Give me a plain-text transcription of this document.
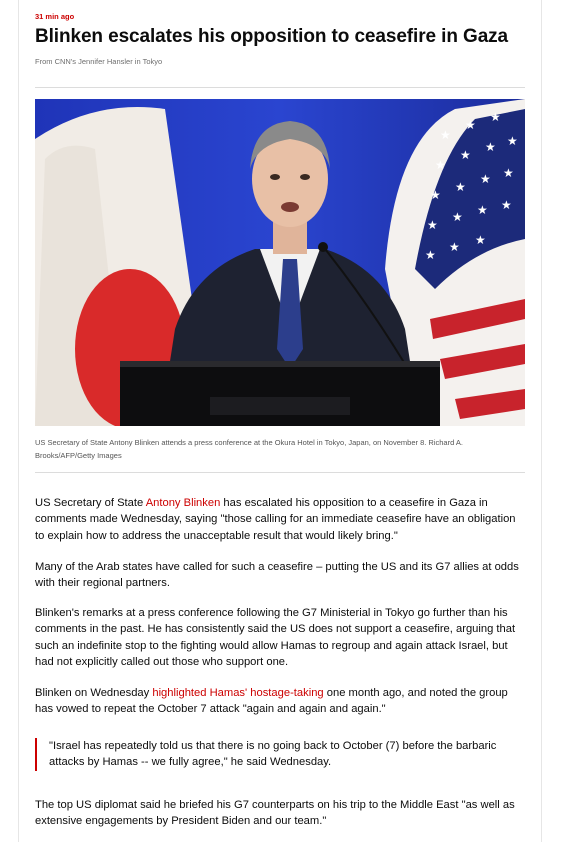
31 min ago
Blinken escalates his opposition to ceasefire in Gaza
From CNN's Jennifer Hansler in Tokyo
★
★
★
★
★
★ ★
★
★
★ ★
★
★ ★ ★
★
★ ★
US Secretary of State Antony Blinken attends a press conference at the Okura Hotel in Tokyo, Japan, on November 8. Richard A. Brooks/AFP/Getty Images

US Secretary of State Antony Blinken has escalated his opposition to a ceasefire in Gaza in comments made Wednesday, saying "those calling for an immediate ceasefire have an obligation to explain how to address the unacceptable result that would likely bring."

Many of the Arab states have called for such a ceasefire – putting the US and its G7 allies at odds with their regional partners.

Blinken's remarks at a press conference following the G7 Ministerial in Tokyo go further than his comments in the past. He has consistently said the US does not support a ceasefire, arguing that such an indefinite stop to the fighting would allow Hamas to regroup and again attack Israel, but had not explicitly called out those who support one.

Blinken on Wednesday highlighted Hamas' hostage-taking one month ago, and noted the group has vowed to repeat the October 7 attack "again and again and again."

"Israel has repeatedly told us that there is no going back to October (7) before the barbaric attacks by Hamas -- we fully agree," he said Wednesday.

The top US diplomat said he briefed his G7 counterparts on his trip to the Middle East "as well as extensive engagements by President Biden and our team."
